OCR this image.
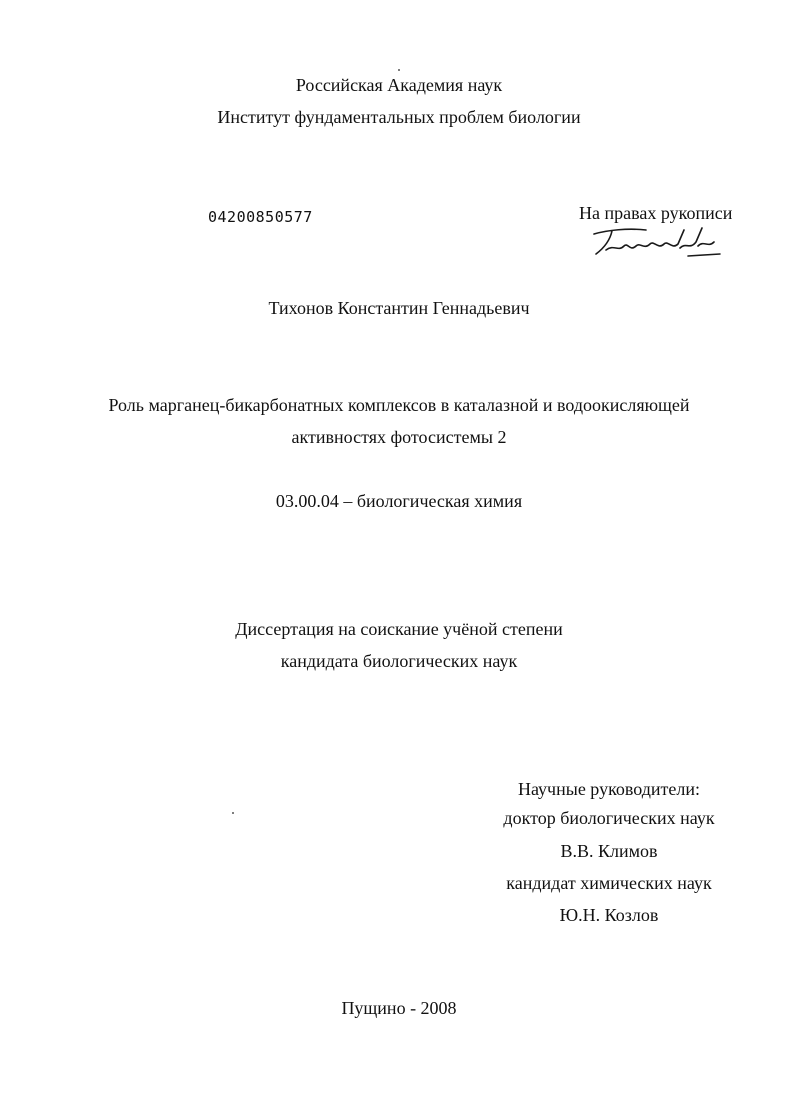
Российская Академия наук
Институт фундаментальных проблем биологии
04200850577	На правах рукописи
Тихонов Константин Геннадьевич
Роль марганец-бикарбонатных комплексов в каталазной и водоокисляющей
активностях фотосистемы 2
03.00.04 – биологическая химия
Диссертация на соискание учёной степени
кандидата биологических наук
Научные руководители:
доктор биологических наук
В.В. Климов
кандидат химических наук
Ю.Н. Козлов
Пущино - 2008
